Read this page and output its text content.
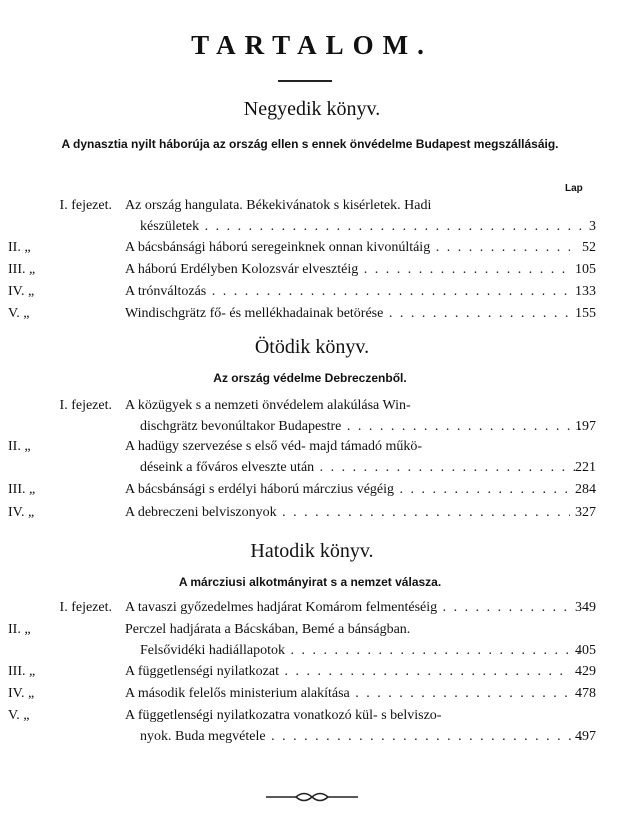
TARTALOM.
Lap
Negyedik könyv.
A dynasztia nyilt háborúja az ország ellen s ennek önvédelme Budapest megszállásáig.
I. fejezet. Az ország hangulata. Békekivánatok s kisérletek. Hadi
készületek . . .	3
II. „	A bácsbánsági háború seregeinknek onnan kivonúltáig . . .	52
III. „	A háború Erdélyben Kolozsvár elvesztéig . . .	105
IV. „	A trónváltozás . . .	133
V. „	Windischgrätz fő- és mellékhadainak betörése . . .	155
Ötödik könyv.
Az ország védelme Debreczenből.
I. fejezet. A közügyek s a nemzeti önvédelem alakúlása Win-
dischgrätz bevonúltakor Budapestre . . .	197
II. „	A hadügy szervezése s első véd- majd támadó műkö-
déseink a főváros elveszte után . . .	221
III. „	A bácsbánsági s erdélyi háború márczius végéig . . .	284
IV. „	A debreczeni belviszonyok . . .	327
Hatodik könyv.
A márcziusi alkotmányirat s a nemzet válasza.
I. fejezet. A tavaszi győzedelmes hadjárat Komárom felmentéséig . . .	349
II. „	Perczel hadjárata a Bácskában, Bemé a bánságban.
Felsővidéki hadiállapotok . . .	405
III. „	A függetlenségi nyilatkozat . . .	429
IV. „	A második felelős ministerium alakítása . . .	478
V. „	A függetlenségi nyilatkozatra vonatkozó kül- s belviszo-
nyok. Buda megvétele . . .	497
